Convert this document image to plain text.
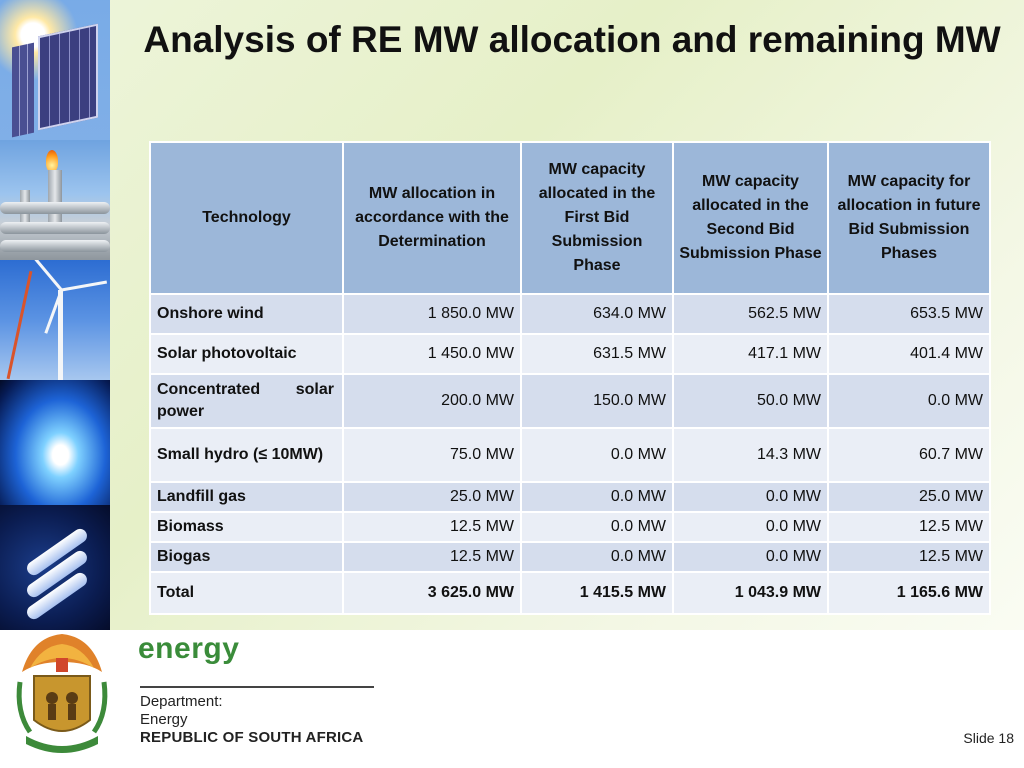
Analysis of RE MW allocation and remaining MW
Technology	MW allocation in accordance with the Determination	MW capacity allocated in the First Bid Submission Phase	MW capacity allocated in the Second Bid Submission Phase	MW capacity for allocation in future Bid Submission Phases
Onshore wind	1 850.0 MW	634.0 MW	562.5 MW	653.5 MW
Solar photovoltaic	1 450.0 MW	631.5 MW	417.1 MW	401.4 MW
Concentrated solar power	200.0 MW	150.0 MW	50.0 MW	0.0 MW
Small hydro (≤ 10MW)	75.0 MW	0.0 MW	14.3 MW	60.7 MW
Landfill gas	25.0 MW	0.0 MW	0.0 MW	25.0 MW
Biomass	12.5 MW	0.0 MW	0.0 MW	12.5 MW
Biogas	12.5 MW	0.0 MW	0.0 MW	12.5 MW
Total	3 625.0 MW	1 415.5 MW	1 043.9 MW	1 165.6 MW
energy
Department:
Energy
REPUBLIC OF SOUTH AFRICA	Slide 18
